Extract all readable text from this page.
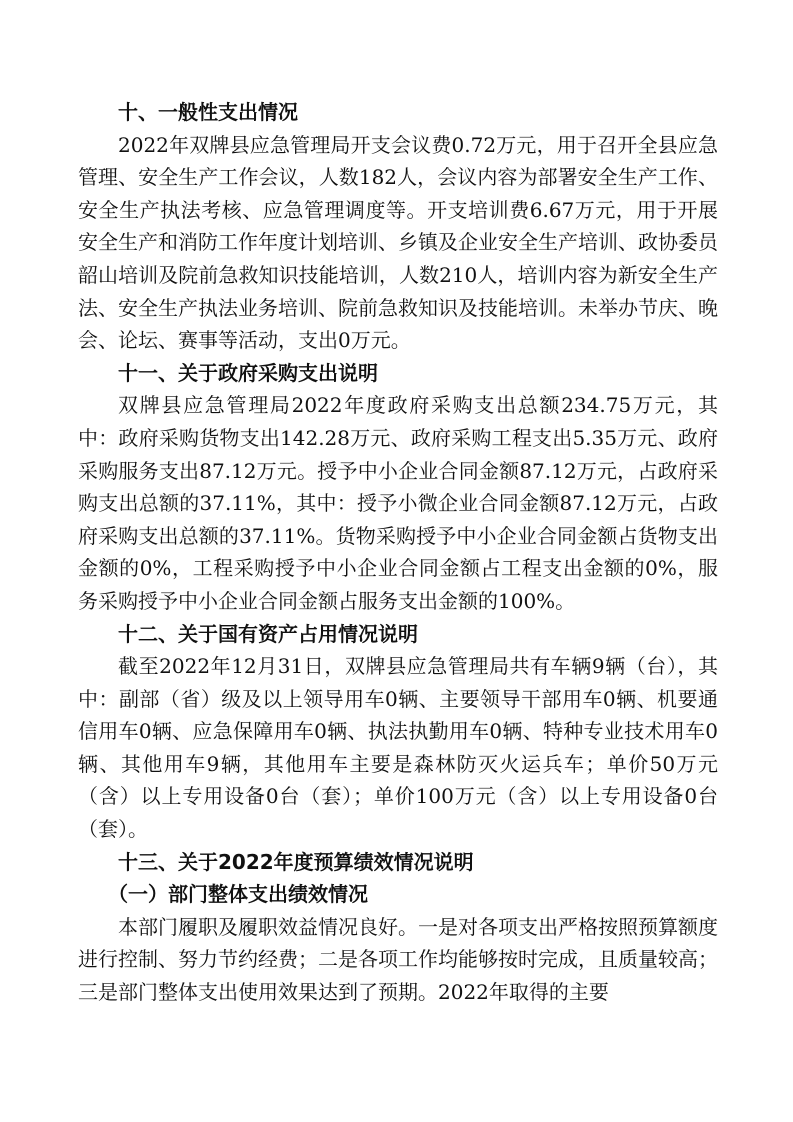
十、一般性支出情况

2022年双牌县应急管理局开支会议费0.72万元，用于召开全县应急管理、安全生产工作会议，人数182人，会议内容为部署安全生产工作、安全生产执法考核、应急管理调度等。开支培训费6.67万元，用于开展安全生产和消防工作年度计划培训、乡镇及企业安全生产培训、政协委员韶山培训及院前急救知识技能培训，人数210人，培训内容为新安全生产法、安全生产执法业务培训、院前急救知识及技能培训。未举办节庆、晚会、论坛、赛事等活动，支出0万元。

十一、关于政府采购支出说明

双牌县应急管理局2022年度政府采购支出总额234.75万元，其中：政府采购货物支出142.28万元、政府采购工程支出5.35万元、政府采购服务支出87.12万元。授予中小企业合同金额87.12万元，占政府采购支出总额的37.11%，其中：授予小微企业合同金额87.12万元，占政府采购支出总额的37.11%。货物采购授予中小企业合同金额占货物支出金额的0%，工程采购授予中小企业合同金额占工程支出金额的0%，服务采购授予中小企业合同金额占服务支出金额的100%。

十二、关于国有资产占用情况说明

截至2022年12月31日，双牌县应急管理局共有车辆9辆（台），其中：副部（省）级及以上领导用车0辆、主要领导干部用车0辆、机要通信用车0辆、应急保障用车0辆、执法执勤用车0辆、特种专业技术用车0辆、其他用车9辆，其他用车主要是森林防灭火运兵车；单价50万元（含）以上专用设备0台（套）；单价100万元（含）以上专用设备0台（套）。

十三、关于2022年度预算绩效情况说明
（一）部门整体支出绩效情况

本部门履职及履职效益情况良好。一是对各项支出严格按照预算额度进行控制、努力节约经费；二是各项工作均能够按时完成，且质量较高；三是部门整体支出使用效果达到了预期。2022年取得的主要
